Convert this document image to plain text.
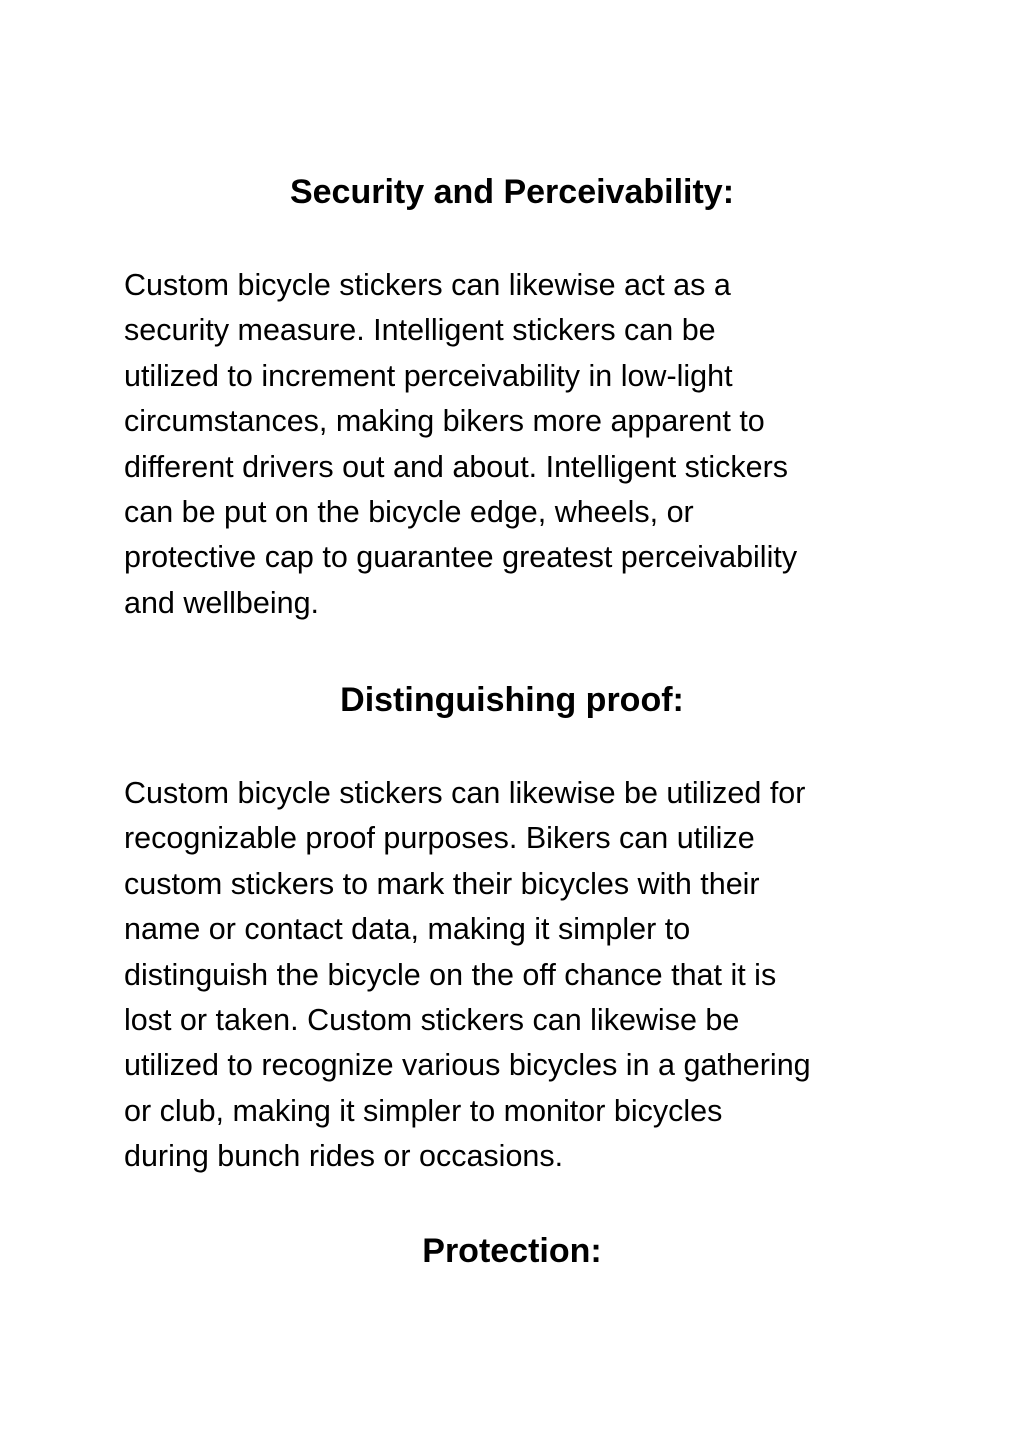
Security and Perceivability:
Custom bicycle stickers can likewise act as a
security measure. Intelligent stickers can be
utilized to increment perceivability in low-light
circumstances, making bikers more apparent to
different drivers out and about. Intelligent stickers
can be put on the bicycle edge, wheels, or
protective cap to guarantee greatest perceivability
and wellbeing.
Distinguishing proof:
Custom bicycle stickers can likewise be utilized for
recognizable proof purposes. Bikers can utilize
custom stickers to mark their bicycles with their
name or contact data, making it simpler to
distinguish the bicycle on the off chance that it is
lost or taken. Custom stickers can likewise be
utilized to recognize various bicycles in a gathering
or club, making it simpler to monitor bicycles
during bunch rides or occasions.
Protection:
